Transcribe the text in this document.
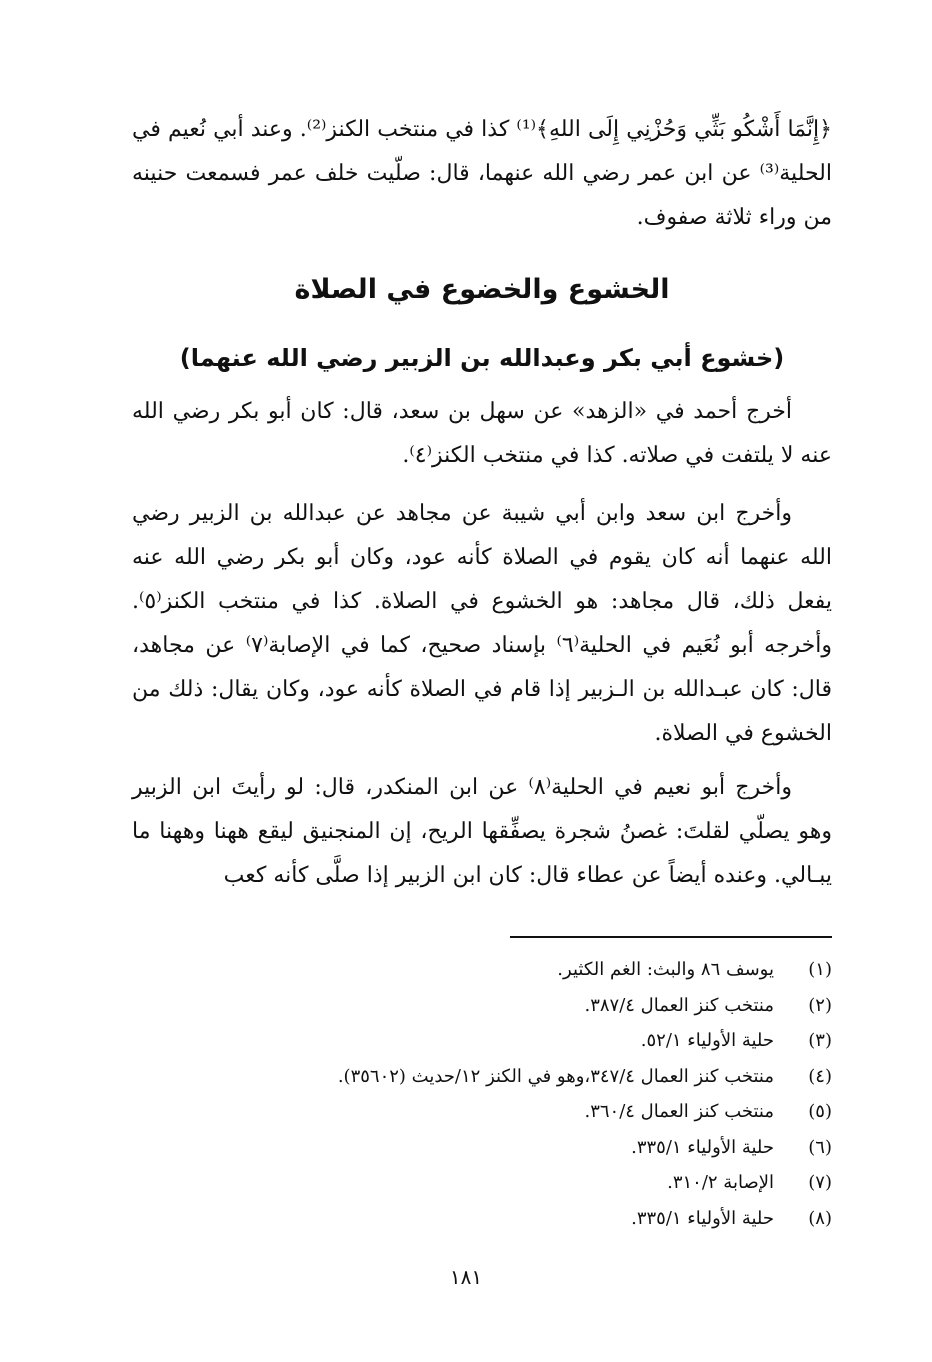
﴿إِنَّمَا أَشْكُو بَثِّي وَحُزْنِي إِلَى اللهِ﴾⁽¹⁾ كذا في منتخب الكنز⁽²⁾. وعند أبي نُعيم في الحلية⁽³⁾ عن ابن عمر رضي الله عنهما، قال: صلّيت خلف عمر فسمعت حنينه من وراء ثلاثة صفوف.

الخشوع والخضوع في الصلاة
(خشوع أبي بكر وعبدالله بن الزبير رضي الله عنهما)

أخرج أحمد في «الزهد» عن سهل بن سعد، قال: كان أبو بكر رضي الله عنه لا يلتفت في صلاته. كذا في منتخب الكنز⁽٤⁾.

وأخرج ابن سعد وابن أبي شيبة عن مجاهد عن عبدالله بن الزبير رضي الله عنهما أنه كان يقوم في الصلاة كأنه عود، وكان أبو بكر رضي الله عنه يفعل ذلك، قال مجاهد: هو الخشوع في الصلاة. كذا في منتخب الكنز⁽٥⁾. وأخرجه أبو نُعَيم في الحلية⁽٦⁾ بإسناد صحيح، كما في الإصابة⁽٧⁾ عن مجاهد، قال: كان عبـدالله بن الـزبير إذا قام في الصلاة كأنه عود، وكان يقال: ذلك من الخشوع في الصلاة.

وأخرج أبو نعيم في الحلية⁽٨⁾ عن ابن المنكدر، قال: لو رأيتَ ابن الزبير وهو يصلّي لقلتَ: غصنُ شجرة يصفِّقها الريح، إن المنجنيق ليقع ههنا وههنا ما يبـالي. وعنده أيضاً عن عطاء قال: كان ابن الزبير إذا صلَّى كأنه كعب

(١)
يوسف ٨٦ والبث: الغم الكثير.
(٢)
منتخب كنز العمال ٣٨٧/٤.
(٣)
حلية الأولياء ٥٢/١.
(٤)
منتخب كنز العمال ٣٤٧/٤،وهو في الكنز ١٢/حديث (٣٥٦٠٢).
(٥)
منتخب كنز العمال ٣٦٠/٤.
(٦)
حلية الأولياء ٣٣٥/١.
(٧)
الإصابة ٣١٠/٢.
(٨)
حلية الأولياء ٣٣٥/١.
١٨١
